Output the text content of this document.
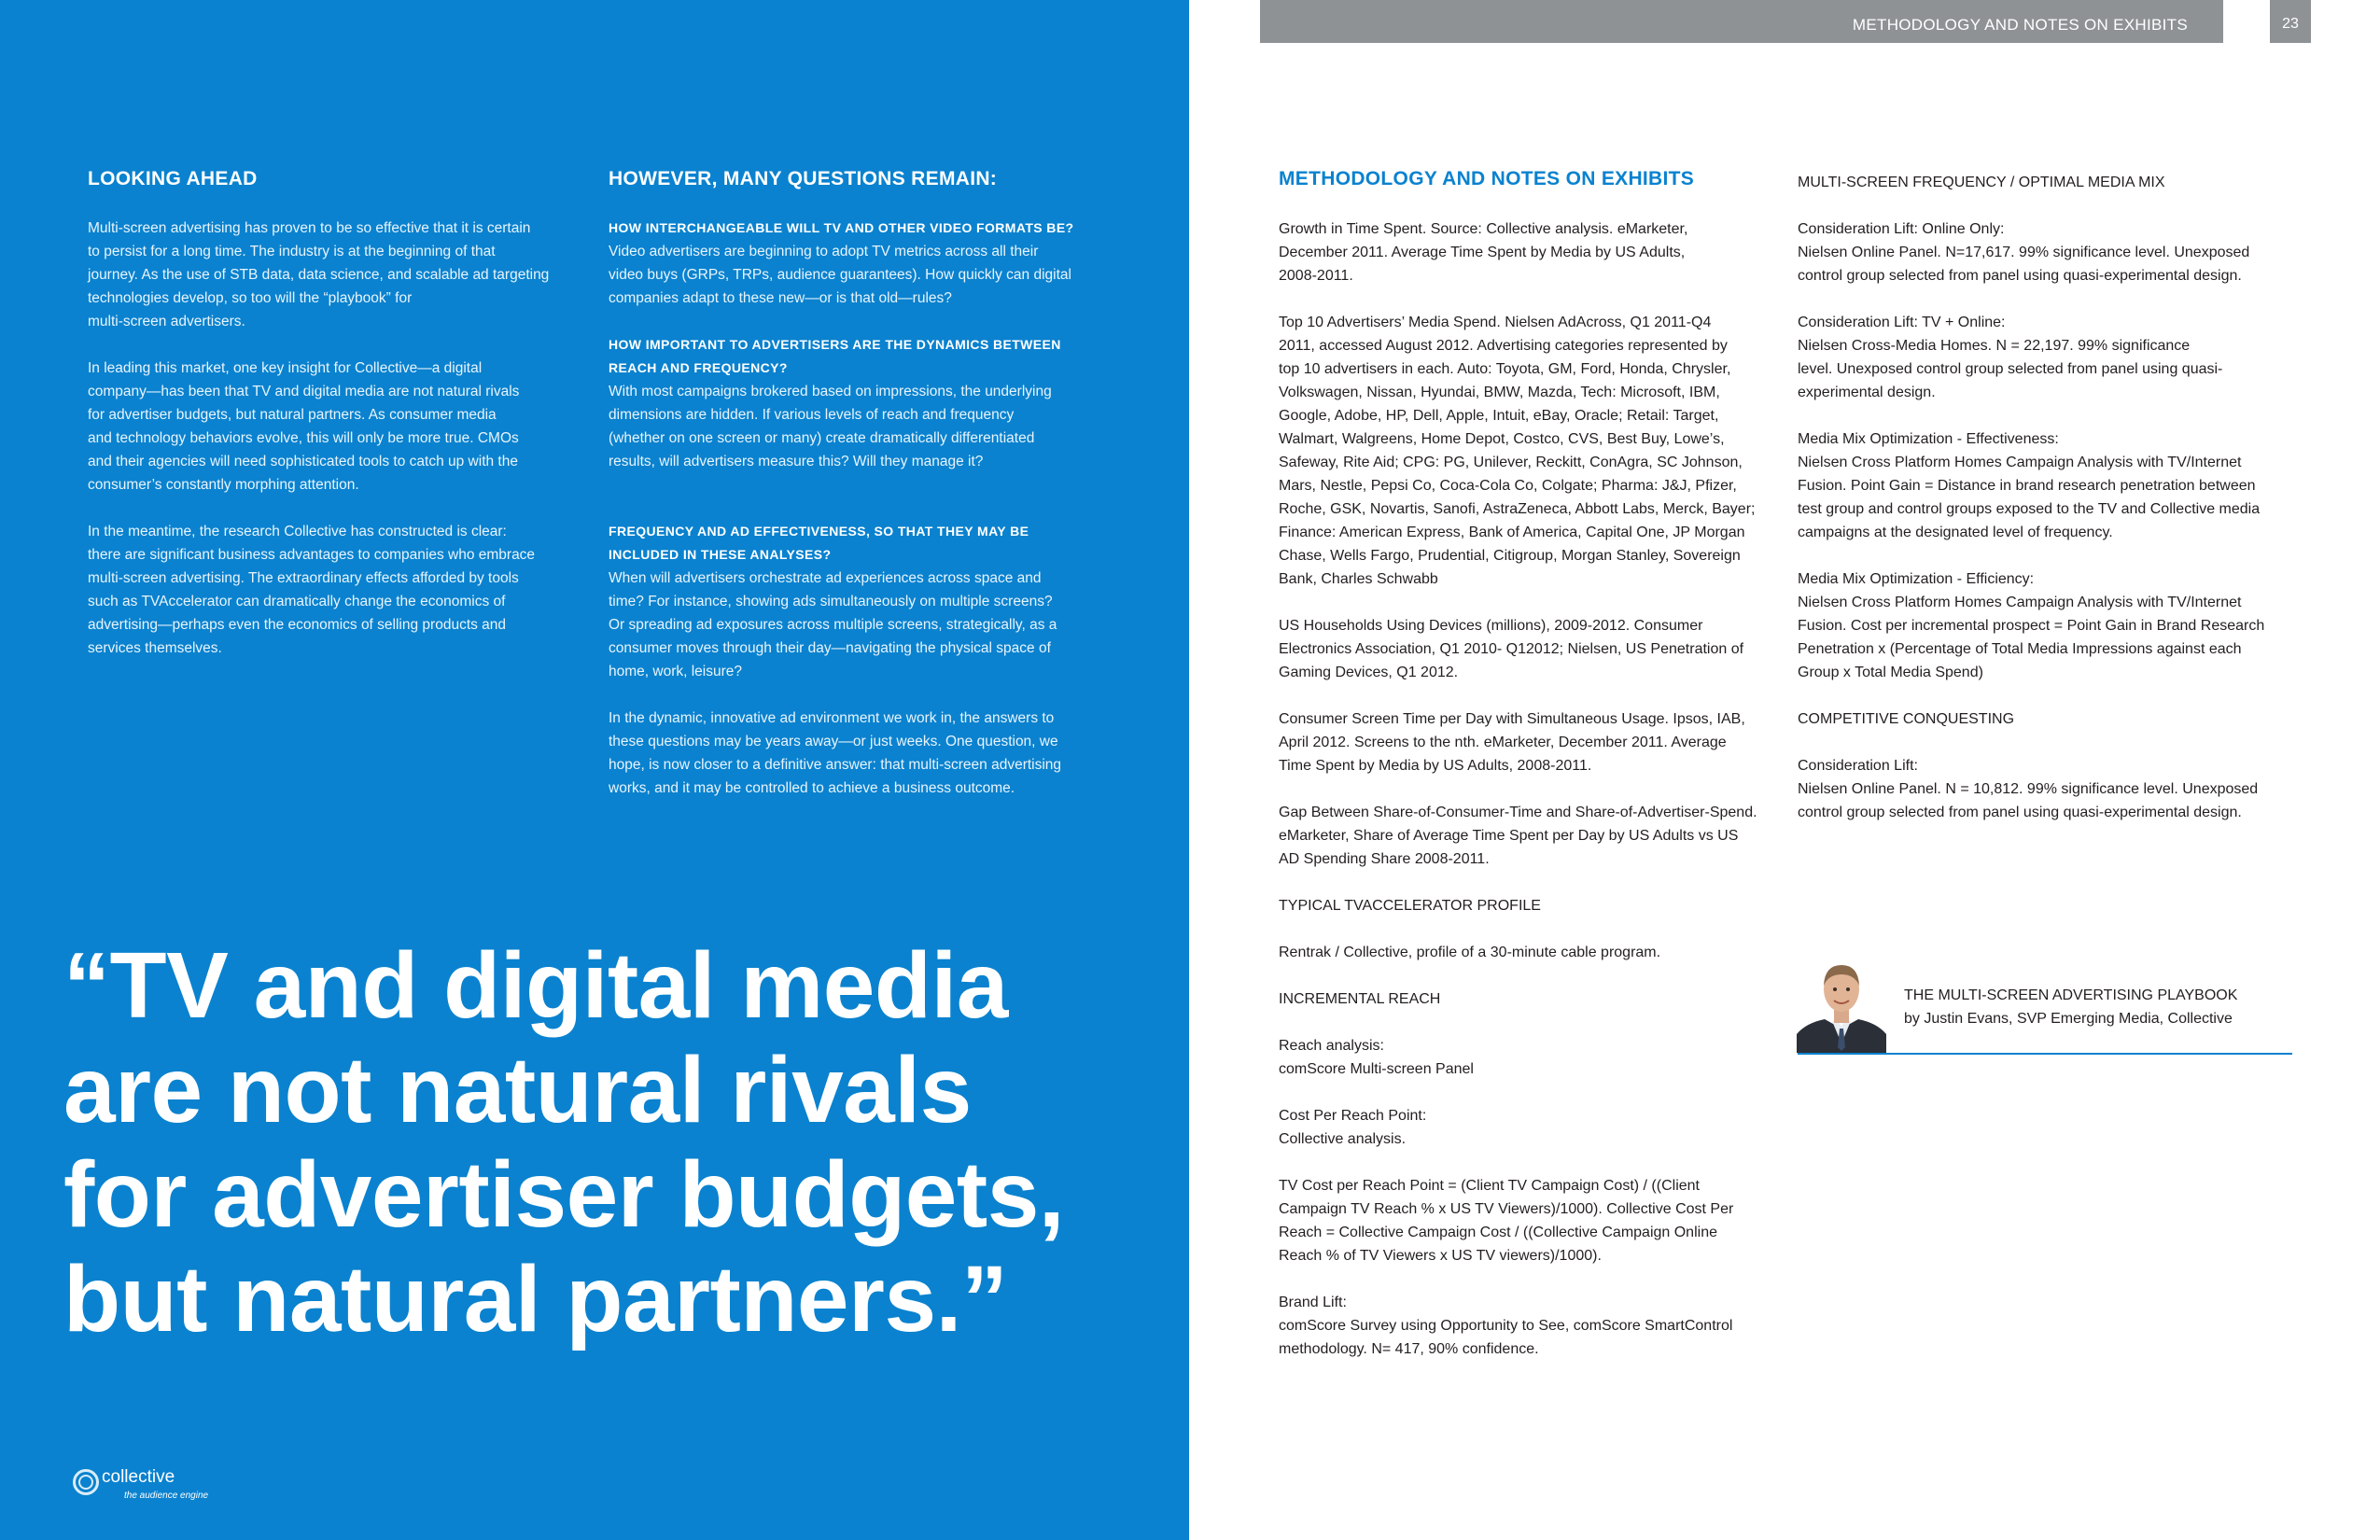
LOOKING AHEAD

Multi-screen advertising has proven to be so effective that it is certain
to persist for a long time. The industry is at the beginning of that
journey. As the use of STB data, data science, and scalable ad targeting
technologies develop, so too will the “playbook” for
multi-screen advertisers.

In leading this market, one key insight for Collective—a digital
company—has been that TV and digital media are not natural rivals
for advertiser budgets, but natural partners. As consumer media
and technology behaviors evolve, this will only be more true. CMOs
and their agencies will need sophisticated tools to catch up with the
consumer’s constantly morphing attention.

In the meantime, the research Collective has constructed is clear:
there are significant business advantages to companies who embrace
multi-screen advertising. The extraordinary effects afforded by tools
such as TVAccelerator can dramatically change the economics of
advertising—perhaps even the economics of selling products and
services themselves.

HOWEVER, MANY QUESTIONS REMAIN:
HOW INTERCHANGEABLE WILL TV AND OTHER VIDEO FORMATS BE?
Video advertisers are beginning to adopt TV metrics across all their
video buys (GRPs, TRPs, audience guarantees). How quickly can digital
companies adapt to these new—or is that old—rules?
HOW IMPORTANT TO ADVERTISERS ARE THE DYNAMICS BETWEEN
REACH AND FREQUENCY?
With most campaigns brokered based on impressions, the underlying
dimensions are hidden. If various levels of reach and frequency
(whether on one screen or many) create dramatically differentiated
results, will advertisers measure this? Will they manage it?
FREQUENCY AND AD EFFECTIVENESS, SO THAT THEY MAY BE
INCLUDED IN THESE ANALYSES?
When will advertisers orchestrate ad experiences across space and
time? For instance, showing ads simultaneously on multiple screens?
Or spreading ad exposures across multiple screens, strategically, as a
consumer moves through their day—navigating the physical space of
home, work, leisure?

In the dynamic, innovative ad environment we work in, the answers to
these questions may be years away—or just weeks. One question, we
hope, is now closer to a definitive answer: that multi-screen advertising
works, and it may be controlled to achieve a business outcome.

“TV and digital media
are not natural rivals
for advertiser budgets,
but natural partners.”
collective
the audience engine
METHODOLOGY AND NOTES ON EXHIBITS	23
METHODOLOGY AND NOTES ON EXHIBITS

Growth in Time Spent. Source: Collective analysis. eMarketer,
December 2011. Average Time Spent by Media by US Adults,
2008-2011.

Top 10 Advertisers’ Media Spend. Nielsen AdAcross, Q1 2011-Q4
2011, accessed August 2012. Advertising categories represented by
top 10 advertisers in each. Auto: Toyota, GM, Ford, Honda, Chrysler,
Volkswagen, Nissan, Hyundai, BMW, Mazda, Tech: Microsoft, IBM,
Google, Adobe, HP, Dell, Apple, Intuit, eBay, Oracle; Retail: Target,
Walmart, Walgreens, Home Depot, Costco, CVS, Best Buy, Lowe’s,
Safeway, Rite Aid; CPG: PG, Unilever, Reckitt, ConAgra, SC Johnson,
Mars, Nestle, Pepsi Co, Coca-Cola Co, Colgate; Pharma: J&J, Pfizer,
Roche, GSK, Novartis, Sanofi, AstraZeneca, Abbott Labs, Merck, Bayer;
Finance: American Express, Bank of America, Capital One, JP Morgan
Chase, Wells Fargo, Prudential, Citigroup, Morgan Stanley, Sovereign
Bank, Charles Schwabb

US Households Using Devices (millions), 2009-2012. Consumer
Electronics Association, Q1 2010- Q12012; Nielsen, US Penetration of
Gaming Devices, Q1 2012.

Consumer Screen Time per Day with Simultaneous Usage. Ipsos, IAB,
April 2012. Screens to the nth. eMarketer, December 2011. Average
Time Spent by Media by US Adults, 2008-2011.

Gap Between Share-of-Consumer-Time and Share-of-Advertiser-Spend.
eMarketer, Share of Average Time Spent per Day by US Adults vs US
AD Spending Share 2008-2011.

TYPICAL TVACCELERATOR PROFILE

Rentrak / Collective, profile of a 30-minute cable program.

INCREMENTAL REACH

Reach analysis:
comScore Multi-screen Panel

Cost Per Reach Point:
Collective analysis.

TV Cost per Reach Point = (Client TV Campaign Cost) / ((Client
Campaign TV Reach % x US TV Viewers)/1000). Collective Cost Per
Reach = Collective Campaign Cost / ((Collective Campaign Online
Reach % of TV Viewers x US TV viewers)/1000).

Brand Lift:
comScore Survey using Opportunity to See, comScore SmartControl
methodology. N= 417, 90% confidence.

MULTI-SCREEN FREQUENCY / OPTIMAL MEDIA MIX

Consideration Lift: Online Only:
Nielsen Online Panel. N=17,617. 99% significance level. Unexposed
control group selected from panel using quasi-experimental design.

Consideration Lift: TV + Online:
Nielsen Cross-Media Homes. N = 22,197. 99% significance
level. Unexposed control group selected from panel using quasi-
experimental design.

Media Mix Optimization - Effectiveness:
Nielsen Cross Platform Homes Campaign Analysis with TV/Internet
Fusion. Point Gain = Distance in brand research penetration between
test group and control groups exposed to the TV and Collective media
campaigns at the designated level of frequency.

Media Mix Optimization - Efficiency:
Nielsen Cross Platform Homes Campaign Analysis with TV/Internet
Fusion. Cost per incremental prospect = Point Gain in Brand Research
Penetration x (Percentage of Total Media Impressions against each
Group x Total Media Spend)

COMPETITIVE CONQUESTING

Consideration Lift:
Nielsen Online Panel. N = 10,812. 99% significance level. Unexposed
control group selected from panel using quasi-experimental design.

THE MULTI-SCREEN ADVERTISING PLAYBOOK
by Justin Evans, SVP Emerging Media, Collective
